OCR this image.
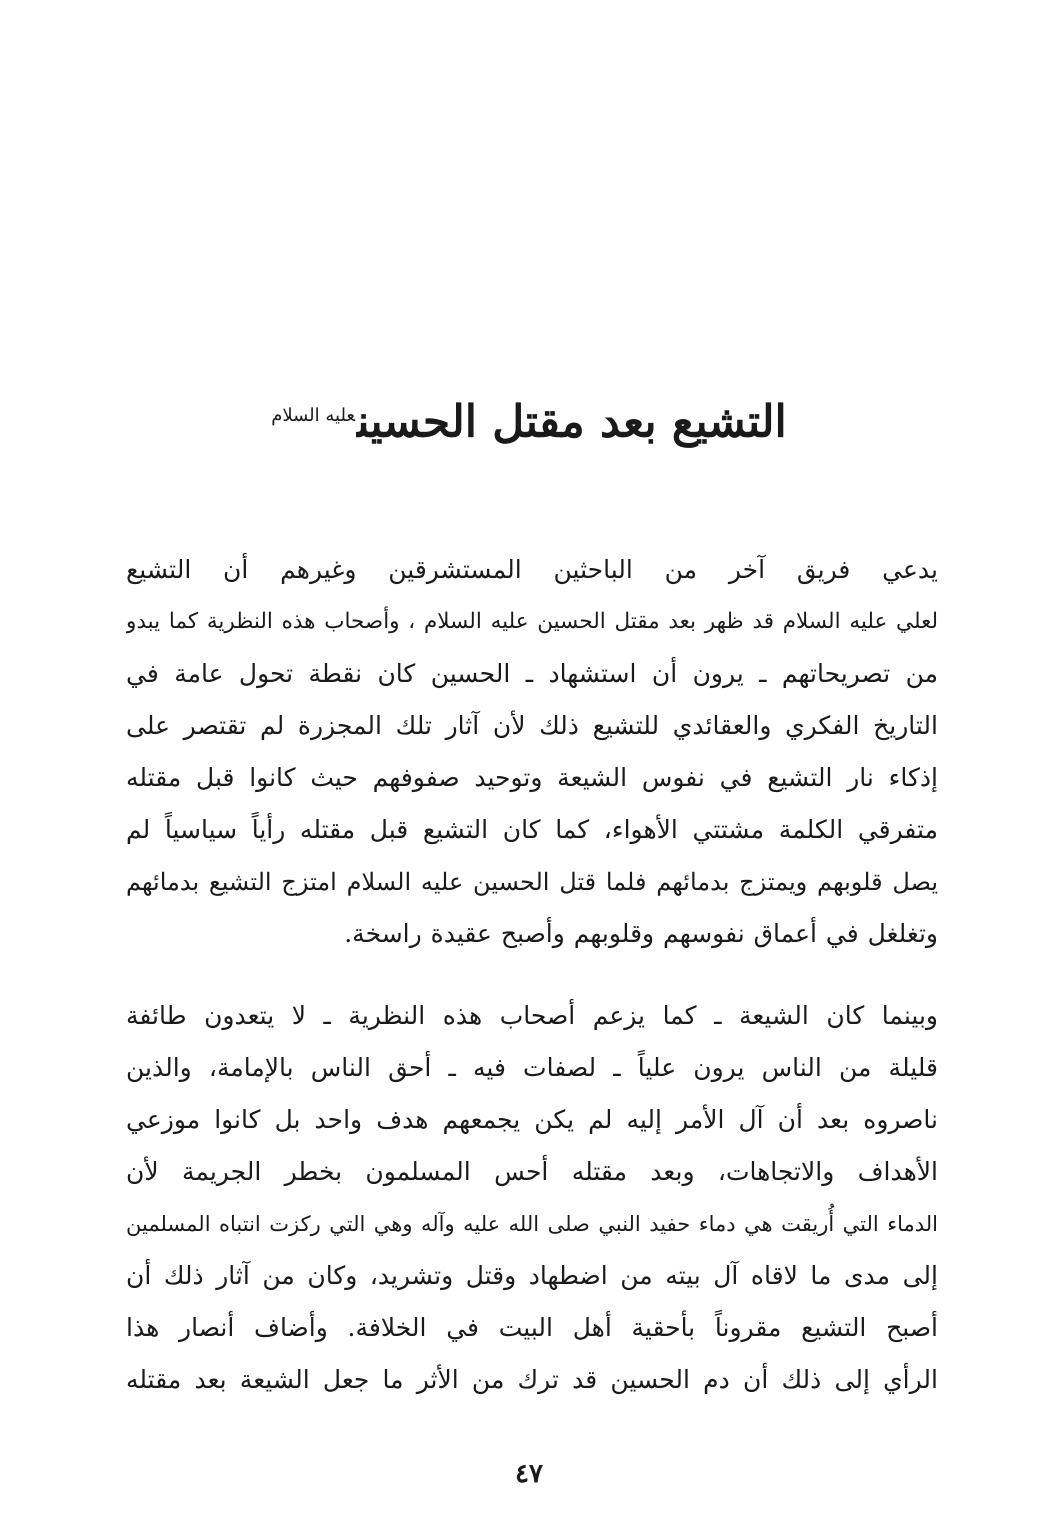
التشيع بعد مقتل الحسين$^{عليه السلام}$
يدعي فريق آخر من الباحثين المستشرقين وغيرهم أن التشيع
لعلي عليه السلام قد ظهر بعد مقتل الحسين عليه السلام ، وأصحاب هذه النظرية كما يبدو
من تصريحاتهم ـ يرون أن استشهاد ـ الحسين كان نقطة تحول عامة في
التاريخ الفكري والعقائدي للتشيع ذلك لأن آثار تلك المجزرة لم تقتصر على
إذكاء نار التشيع في نفوس الشيعة وتوحيد صفوفهم حيث كانوا قبل مقتله
متفرقي الكلمة مشتتي الأهواء، كما كان التشيع قبل مقتله رأياً سياسياً لم
يصل قلوبهم ويمتزج بدمائهم فلما قتل الحسين عليه السلام امتزج التشيع بدمائهم
وتغلغل في أعماق نفوسهم وقلوبهم وأصبح عقيدة راسخة.
وبينما كان الشيعة ـ كما يزعم أصحاب هذه النظرية ـ لا يتعدون طائفة
قليلة من الناس يرون علياً ـ لصفات فيه ـ أحق الناس بالإمامة، والذين
ناصروه بعد أن آل الأمر إليه لم يكن يجمعهم هدف واحد بل كانوا موزعي
الأهداف والاتجاهات، وبعد مقتله أحس المسلمون بخطر الجريمة لأن
الدماء التي أُريقت هي دماء حفيد النبي صلى الله عليه وآله وهي التي ركزت انتباه المسلمين
إلى مدى ما لاقاه آل بيته من اضطهاد وقتل وتشريد، وكان من آثار ذلك أن
أصبح التشيع مقروناً بأحقية أهل البيت في الخلافة. وأضاف أنصار هذا
الرأي إلى ذلك أن دم الحسين قد ترك من الأثر ما جعل الشيعة بعد مقتله
٤٧
